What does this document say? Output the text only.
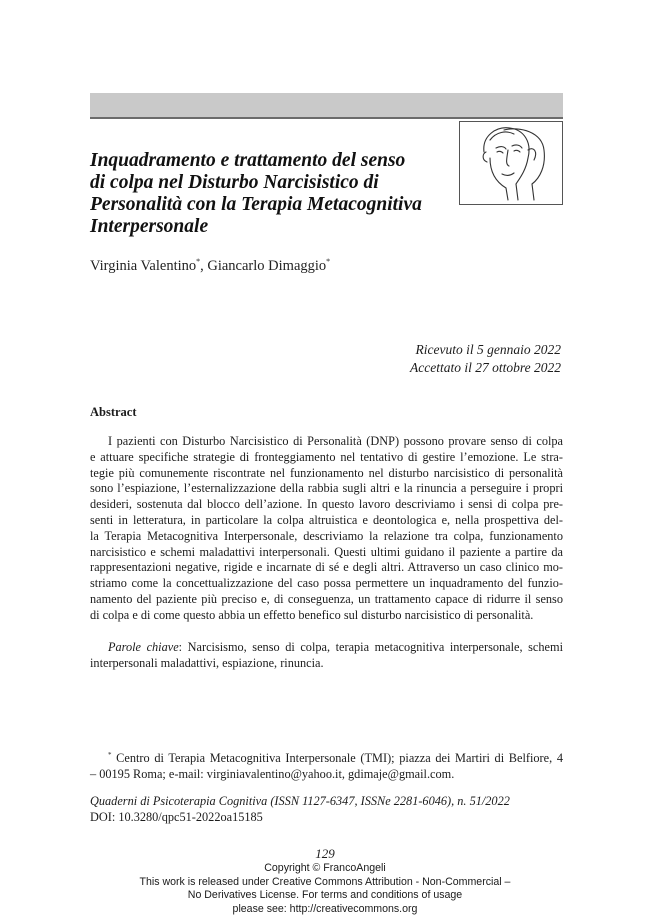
Inquadramento e trattamento del senso
di colpa nel Disturbo Narcisistico di
Personalità con la Terapia Metacognitiva
Interpersonale
Virginia Valentino*, Giancarlo Dimaggio*
Ricevuto il 5 gennaio 2022
Accettato il 27 ottobre 2022
Abstract
I pazienti con Disturbo Narcisistico di Personalità (DNP) possono provare senso di colpa
e attuare specifiche strategie di fronteggiamento nel tentativo di gestire l’emozione. Le stra-
tegie più comunemente riscontrate nel funzionamento nel disturbo narcisistico di personalità
sono l’espiazione, l’esternalizzazione della rabbia sugli altri e la rinuncia a perseguire i propri
desideri, sostenuta dal blocco dell’azione. In questo lavoro descriviamo i sensi di colpa pre-
senti in letteratura, in particolare la colpa altruistica e deontologica e, nella prospettiva del-
la Terapia Metacognitiva Interpersonale, descriviamo la relazione tra colpa, funzionamento
narcisistico e schemi maladattivi interpersonali. Questi ultimi guidano il paziente a partire da
rappresentazioni negative, rigide e incarnate di sé e degli altri. Attraverso un caso clinico mo-
striamo come la concettualizzazione del caso possa permettere un inquadramento del funzio-
namento del paziente più preciso e, di conseguenza, un trattamento capace di ridurre il senso
di colpa e di come questo abbia un effetto benefico sul disturbo narcisistico di personalità.
Parole chiave: Narcisismo, senso di colpa, terapia metacognitiva interpersonale, schemi
interpersonali maladattivi, espiazione, rinuncia.
* Centro di Terapia Metacognitiva Interpersonale (TMI); piazza dei Martiri di Belfiore, 4
– 00195 Roma; e-mail: virginiavalentino@yahoo.it, gdimaje@gmail.com.
Quaderni di Psicoterapia Cognitiva (ISSN 1127-6347, ISSNe 2281-6046), n. 51/2022
DOI: 10.3280/qpc51-2022oa15185
129
Copyright © FrancoAngeli
This work is released under Creative Commons Attribution - Non-Commercial –
No Derivatives License. For terms and conditions of usage
please see: http://creativecommons.org
